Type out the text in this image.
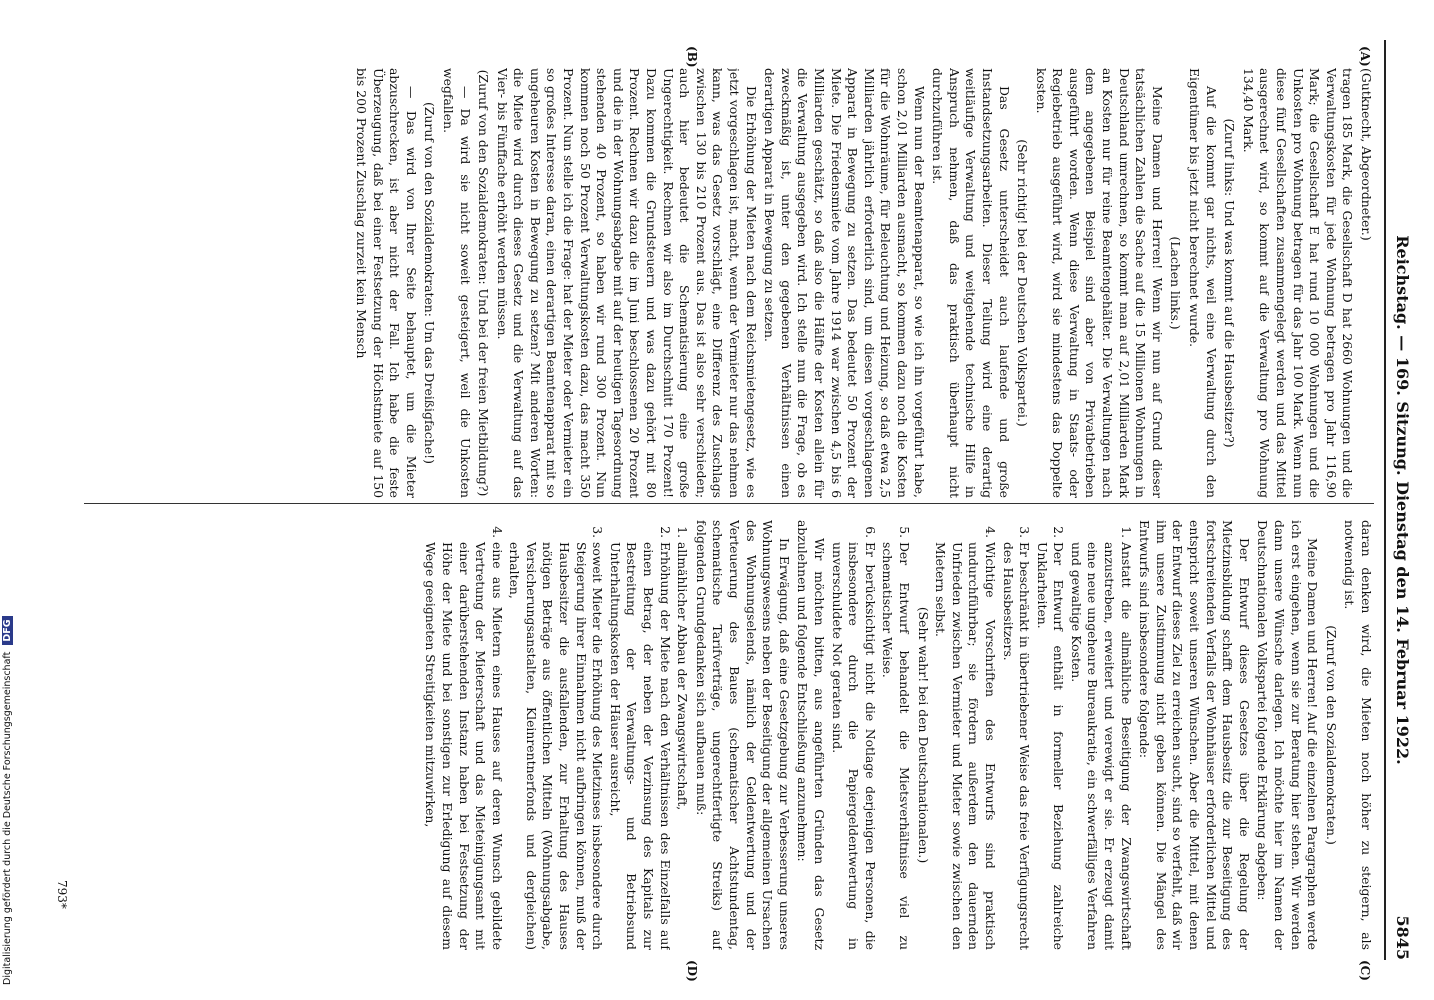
Reichstag. — 169. Sitzung. Dienstag den 14. Februar 1922.
5845
(A)
(B)
(C)
(D)

(Gutknecht, Abgeordneter.)

tragen 185 Mark, die Gesellschaft D hat 2660 Wohnungen und die Verwaltungskosten für jede Wohnung betragen pro Jahr 116,90 Mark; die Gesellschaft E hat rund 10 000 Wohnungen und die Unkosten pro Wohnung betragen für das Jahr 100 Mark. Wenn nun diese fünf Gesellschaften zusammengelegt werden und das Mittel ausgerechnet wird, so kommt auf die Verwaltung pro Wohnung 134,40 Mark.

(Zuruf links: Und was kommt auf die Hausbesitzer?)

Auf die kommt gar nichts, weil eine Verwaltung durch den Eigentümer bis jetzt nicht berechnet wurde.

(Lachen links.)

Meine Damen und Herren! Wenn wir nun auf Grund dieser tatsächlichen Zahlen die Sache auf die 15 Millionen Wohnungen in Deutschland umrechnen, so kommt man auf 2,01 Milliarden Mark an Kosten nur für reine Beamtengehälter. Die Verwaltungen nach dem angegebenen Beispiel sind aber von Privatbetrieben ausgeführt worden. Wenn diese Verwaltung in Staats- oder Regiebetrieb ausgeführt wird, wird sie mindestens das Doppelte kosten.

(Sehr richtig! bei der Deutschen Volkspartei.)

Das Gesetz unterscheidet auch laufende und große Instandsetzungsarbeiten. Dieser Teilung wird eine derartig weitläufige Verwaltung und weitgehende technische Hilfe in Anspruch nehmen, daß das praktisch überhaupt nicht durchzuführen ist.

Wenn nun der Beamtenapparat, so wie ich ihn vorgeführt habe, schon 2,01 Milliarden ausmacht, so kommen dazu noch die Kosten für die Wohnräume, für Beleuchtung und Heizung, so daß etwa 2,5 Milliarden jährlich erforderlich sind, um diesen vorgeschlagenen Apparat in Bewegung zu setzen. Das bedeutet 50 Prozent der Miete. Die Friedensmiete vom Jahre 1914 war zwischen 4,5 bis 6 Milliarden geschätzt, so daß also die Hälfte der Kosten allein für die Verwaltung ausgegeben wird. Ich stelle nun die Frage, ob es zweckmäßig ist, unter den gegebenen Verhältnissen einen derartigen Apparat in Bewegung zu setzen.

Die Erhöhung der Mieten nach dem Reichsmietengesetz, wie es jetzt vorgeschlagen ist, macht, wenn der Vermieter nur das nehmen kann, was das Gesetz vorschlägt, eine Differenz des Zuschlags zwischen 130 bis 210 Prozent aus. Das ist also sehr verschieden; auch hier bedeutet die Schematisierung eine große Ungerechtigkeit. Rechnen wir also im Durchschnitt 170 Prozent! Dazu kommen die Grundsteuern und was dazu gehört mit 80 Prozent. Rechnen wir dazu die im Juni beschlossenen 20 Prozent und die in der Wohnungsabgabe mit auf der heutigen Tagesordnung stehenden 40 Prozent, so haben wir rund 300 Prozent. Nun kommen noch 50 Prozent Verwaltungskosten dazu, das macht 350 Prozent. Nun stelle ich die Frage: hat der Mieter oder Vermieter ein so großes Interesse daran, einen derartigen Beamtenapparat mit so ungeheuren Kosten in Bewegung zu setzen? Mit anderen Worten: die Miete wird durch dieses Gesetz und die Verwaltung auf das Vier- bis Fünffache erhöht werden müssen.

(Zuruf von den Sozialdemokraten: Und bei der freien Mietbildung?)

— Da wird sie nicht soweit gesteigert, weil die Unkosten wegfallen.

(Zuruf von den Sozialdemokraten: Um das Dreißigfache!)

— Das wird von Ihrer Seite behauptet, um die Mieter abzuschrecken, ist aber nicht der Fall. Ich habe die feste Überzeugung, daß bei einer Festsetzung der Höchstmiete auf 150 bis 200 Prozent Zuschlag zurzeit kein Mensch

daran denken wird, die Mieten noch höher zu steigern, als notwendig ist.

(Zuruf von den Sozialdemokraten.)

Meine Damen und Herren! Auf die einzelnen Paragraphen werde ich erst eingehen, wenn sie zur Beratung hier stehen. Wir werden dann unsere Wünsche darlegen. Ich möchte hier im Namen der Deutschnationalen Volkspartei folgende Erklärung abgeben:

Der Entwurf dieses Gesetzes über die Regelung der Mietzinsbildung schafft dem Hausbesitz die zur Beseitigung des fortschreitenden Verfalls der Wohnhäuser erforderlichen Mittel und entspricht soweit unseren Wünschen. Aber die Mittel, mit denen der Entwurf dieses Ziel zu erreichen sucht, sind so verfehlt, daß wir ihm unsere Zustimmung nicht geben können. Die Mängel des Entwurfs sind insbesondere folgende:

1. Anstatt die allmähliche Beseitigung der Zwangswirtschaft anzustreben, erweitert und verewigt er sie. Er erzeugt damit eine neue ungeheure Bureaukratie, ein schwerfälliges Verfahren und gewaltige Kosten.
2. Der Entwurf enthält in formeller Beziehung zahlreiche Unklarheiten.
3. Er beschränkt in übertriebener Weise das freie Verfügungsrecht des Hausbesitzers.
4. Wichtige Vorschriften des Entwurfs sind praktisch undurchführbar; sie fördern außerdem den dauernden Unfrieden zwischen Vermieter und Mieter sowie zwischen den Mietern selbst.

(Sehr wahr! bei den Deutschnationalen.)

5. Der Entwurf behandelt die Mietsverhältnisse viel zu schematischer Weise.
6. Er berücksichtigt nicht die Notlage derjenigen Personen, die insbesondere durch die Papiergeldentwertung in unverschuldete Not geraten sind.

Wir möchten bitten, aus angeführten Gründen das Gesetz abzulehnen und folgende Entschließung anzunehmen:

In Erwägung, daß eine Gesetzgebung zur Verbesserung unseres Wohnungswesens neben der Beseitigung der allgemeinen Ursachen des Wohnungselends, nämlich der Geldentwertung und der Verteuerung des Baues (schematischer Achtstundentag, schematische Tarifverträge, ungerechtfertigte Streiks) auf folgenden Grundgedanken sich aufbauen muß:

1. allmählicher Abbau der Zwangswirtschaft,
2. Erhöhung der Miete nach den Verhältnissen des Einzelfalls auf einen Betrag, der neben der Verzinsung des Kapitals zur Bestreitung der Verwaltungs- und Betriebsund Unterhaltungskosten der Häuser ausreicht,
3. soweit Mieter die Erhöhung des Mietzinses insbesondere durch Steigerung ihrer Einnahmen nicht aufbringen können, muß der Hausbesitzer die ausfallenden, zur Erhaltung des Hauses nötigen Beträge aus öffentlichen Mitteln (Wohnungsabgabe, Versicherungsanstalten, Kleinrentnerfonds und dergleichen) erhalten,
4. eine aus Mietern eines Hauses auf deren Wunsch gebildete Vertretung der Mieterschaft und das Mieteinigungsamt mit einer darüberstehenden Instanz haben bei Festsetzung der Höhe der Miete und bei sonstigen zur Erledigung auf diesem Wege geeigneten Streitigkeiten mitzuwirken,
793*
Digitalisierung gefördert durch die Deutsche Forschungsgemeinschaft DFG
